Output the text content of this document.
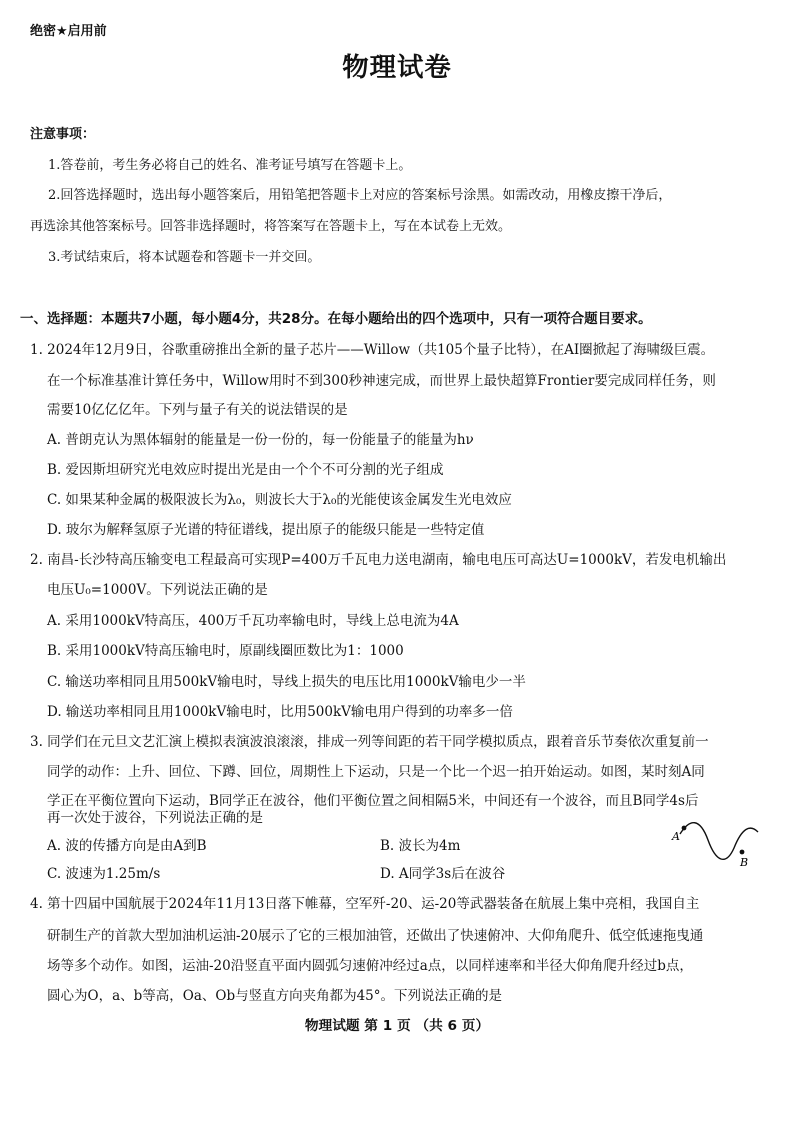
绝密★启用前
物理试卷
注意事项：
1.答卷前，考生务必将自己的姓名、准考证号填写在答题卡上。
2.回答选择题时，选出每小题答案后，用铅笔把答题卡上对应的答案标号涂黑。如需改动，用橡皮擦干净后，
再选涂其他答案标号。回答非选择题时，将答案写在答题卡上，写在本试卷上无效。
3.考试结束后，将本试题卷和答题卡一并交回。
一、选择题：本题共7小题，每小题4分，共28分。在每小题给出的四个选项中，只有一项符合题目要求。
1. 2024年12月9日，谷歌重磅推出全新的量子芯片——Willow（共105个量子比特），在AI圈掀起了海啸级巨震。
在一个标准基准计算任务中，Willow用时不到300秒神速完成，而世界上最快超算Frontier要完成同样任务，则
需要10亿亿亿年。下列与量子有关的说法错误的是
A. 普朗克认为黑体辐射的能量是一份一份的，每一份能量子的能量为hν
B. 爱因斯坦研究光电效应时提出光是由一个个不可分割的光子组成
C. 如果某种金属的极限波长为λ₀，则波长大于λ₀的光能使该金属发生光电效应
D. 玻尔为解释氢原子光谱的特征谱线，提出原子的能级只能是一些特定值
2. 南昌-长沙特高压输变电工程最高可实现P=400万千瓦电力送电湖南，输电电压可高达U=1000kV，若发电机输出
电压U₀=1000V。下列说法正确的是
A. 采用1000kV特高压，400万千瓦功率输电时，导线上总电流为4A
B. 采用1000kV特高压输电时，原副线圈匝数比为1：1000
C. 输送功率相同且用500kV输电时，导线上损失的电压比用1000kV输电少一半
D. 输送功率相同且用1000kV输电时，比用500kV输电用户得到的功率多一倍
3. 同学们在元旦文艺汇演上模拟表演波浪滚滚，排成一列等间距的若干同学模拟质点，跟着音乐节奏依次重复前一
同学的动作：上升、回位、下蹲、回位，周期性上下运动，只是一个比一个迟一拍开始运动。如图，某时刻A同
学正在平衡位置向下运动，B同学正在波谷，他们平衡位置之间相隔5米，中间还有一个波谷，而且B同学4s后
再一次处于波谷，下列说法正确的是
A. 波的传播方向是由A到B	B. 波长为4m
C. 波速为1.25m/s	D. A同学3s后在波谷
A
B
4. 第十四届中国航展于2024年11月13日落下帷幕，空军歼-20、运-20等武器装备在航展上集中亮相，我国自主
研制生产的首款大型加油机运油-20展示了它的三根加油管，还做出了快速俯冲、大仰角爬升、低空低速拖曳通
场等多个动作。如图，运油-20沿竖直平面内圆弧匀速俯冲经过a点，以同样速率和半径大仰角爬升经过b点，
圆心为O，a、b等高，Oa、Ob与竖直方向夹角都为45°。下列说法正确的是
物理试题 第 1 页 （共 6 页）
